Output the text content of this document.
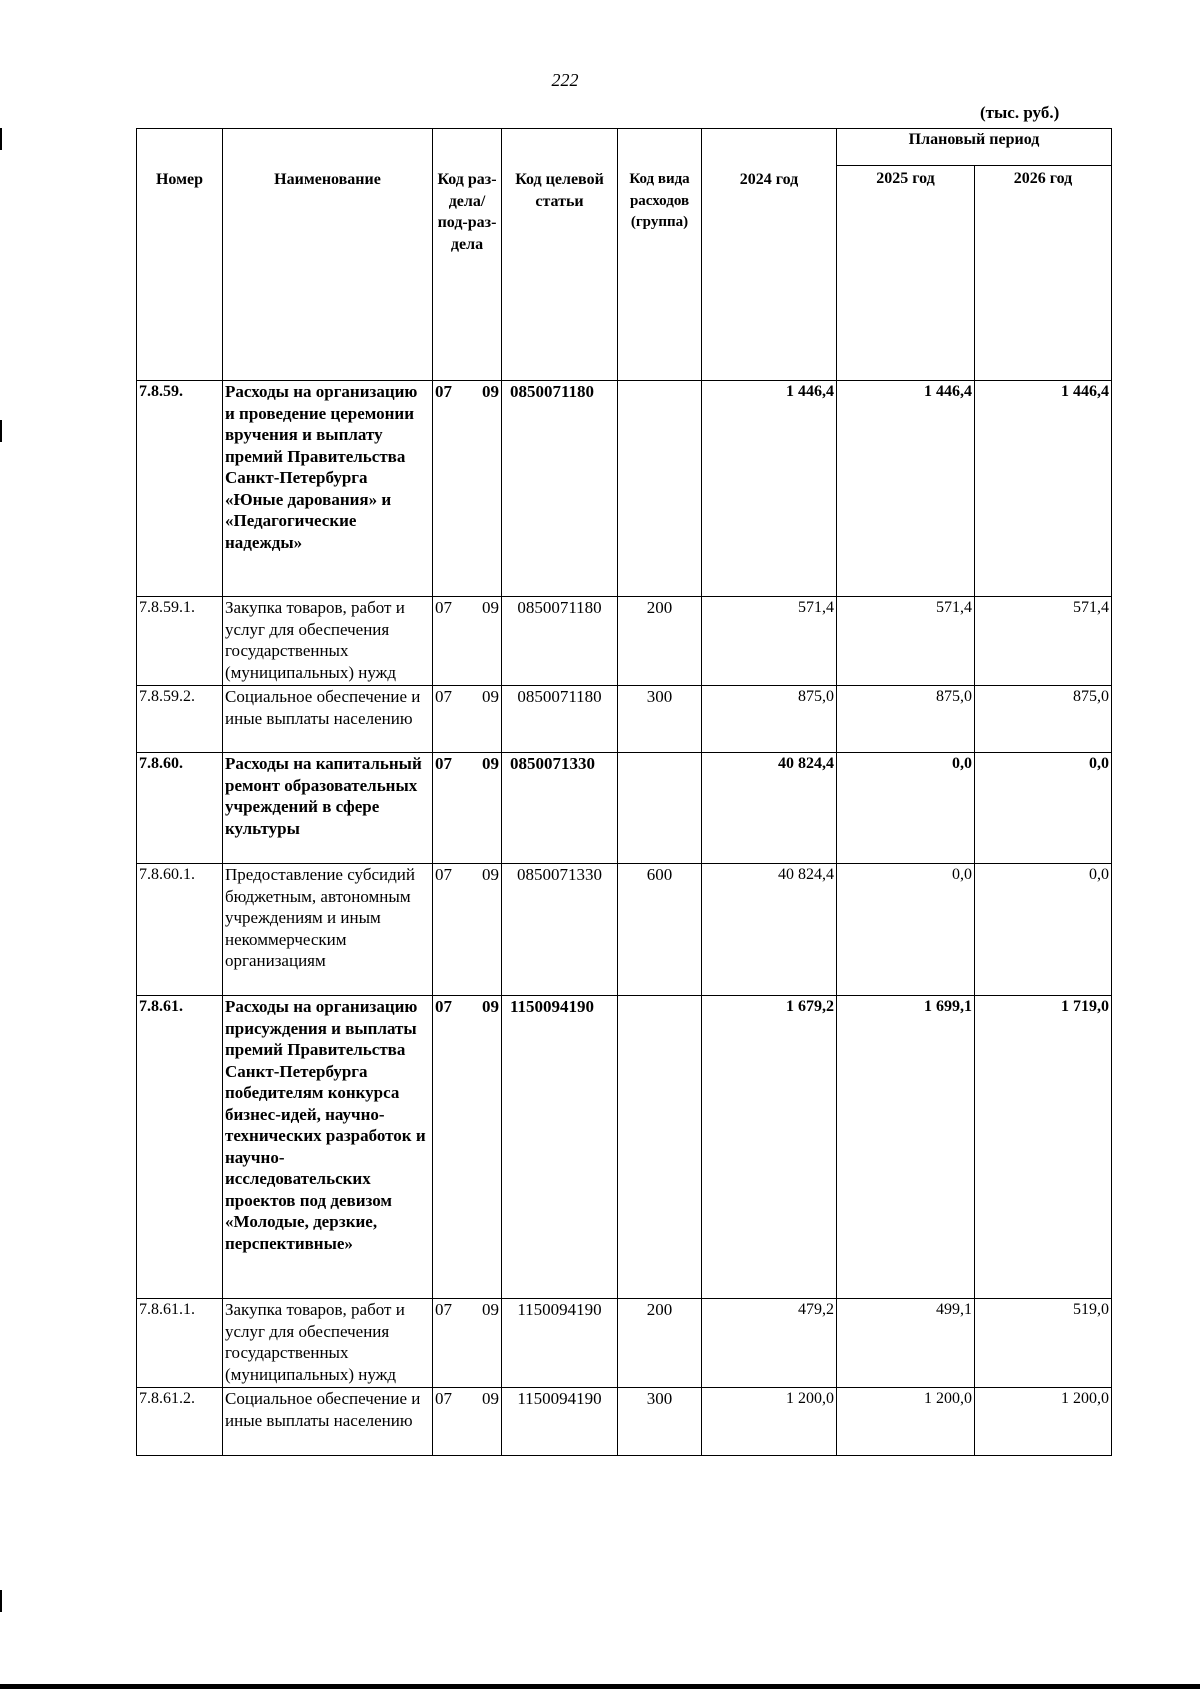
222
(тыс. руб.)
Номер	Наименование	Код раз-дела/ под-раз-дела	Код целевой статьи	Код вида расходов (группа)	2024 год	Плановый период	
						2025 год	2026 год

7.8.59.	Расходы на организацию и проведение церемонии вручения и выплату премий Правительства Санкт-Петербурга «Юные дарования» и «Педагогические надежды»	07 09	0850071180		1 446,4	1 446,4	1 446,4
7.8.59.1.	Закупка товаров, работ и услуг для обеспечения государственных (муниципальных) нужд	07 09	0850071180	200	571,4	571,4	571,4
7.8.59.2.	Социальное обеспечение и иные выплаты населению	07 09	0850071180	300	875,0	875,0	875,0
7.8.60.	Расходы на капитальный ремонт образовательных учреждений в сфере культуры	07 09	0850071330		40 824,4	0,0	0,0
7.8.60.1.	Предоставление субсидий бюджетным, автономным учреждениям и иным некоммерческим организациям	07 09	0850071330	600	40 824,4	0,0	0,0
7.8.61.	Расходы на организацию присуждения и выплаты премий Правительства Санкт-Петербурга победителям конкурса бизнес-идей, научно-технических разработок и научно-исследовательских проектов под девизом «Молодые, дерзкие, перспективные»	07 09	1150094190		1 679,2	1 699,1	1 719,0
7.8.61.1.	Закупка товаров, работ и услуг для обеспечения государственных (муниципальных) нужд	07 09	1150094190	200	479,2	499,1	519,0
7.8.61.2.	Социальное обеспечение и иные выплаты населению	07 09	1150094190	300	1 200,0	1 200,0	1 200,0
